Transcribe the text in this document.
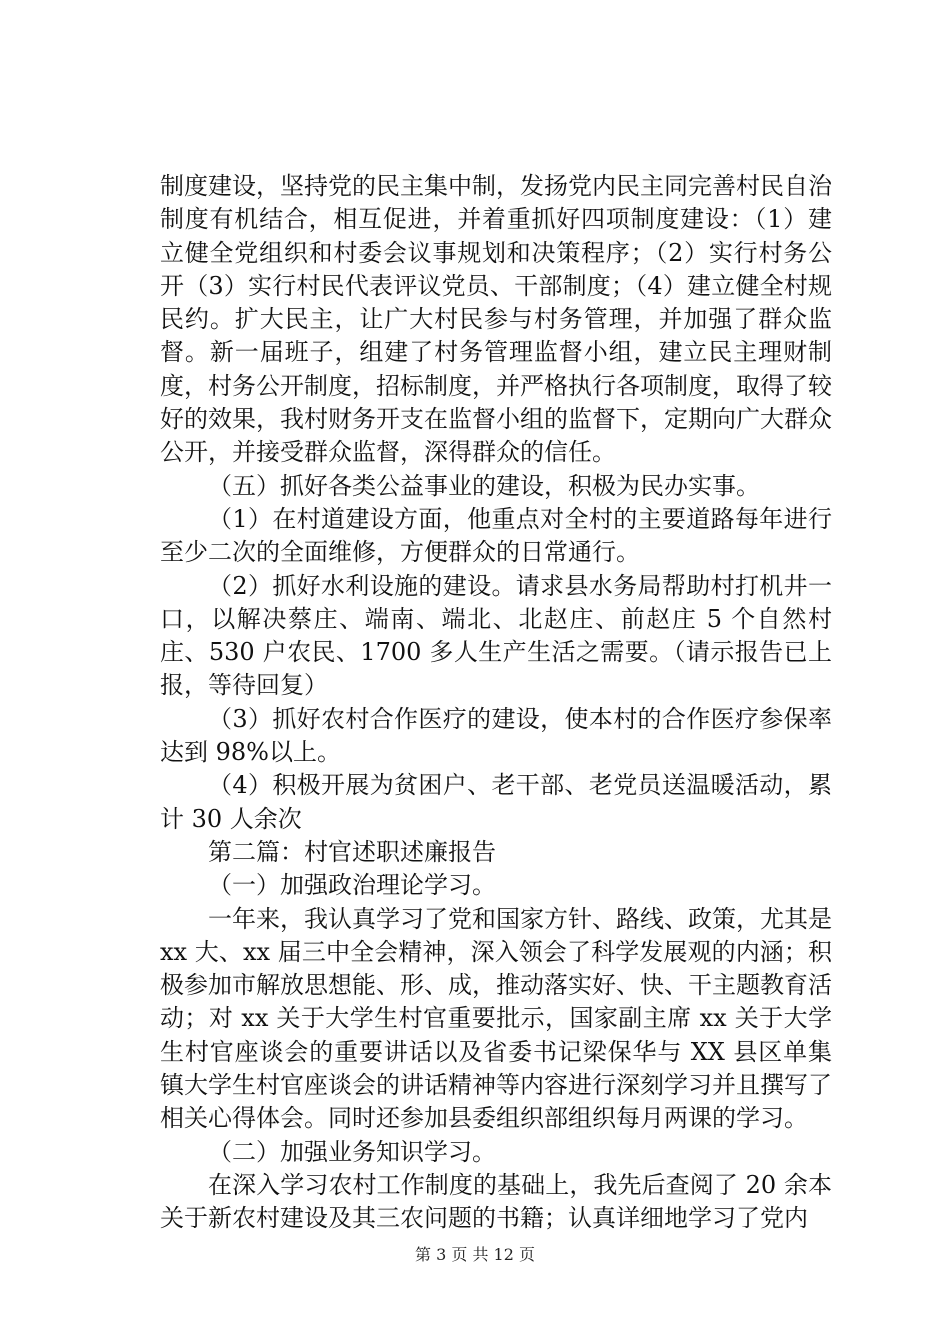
制度建设，坚持党的民主集中制，发扬党内民主同完善村民自治制度有机结合，相互促进，并着重抓好四项制度建设：（1）建立健全党组织和村委会议事规划和决策程序；（2）实行村务公开（3）实行村民代表评议党员、干部制度；（4）建立健全村规民约。扩大民主，让广大村民参与村务管理，并加强了群众监督。新一届班子，组建了村务管理监督小组，建立民主理财制度，村务公开制度，招标制度，并严格执行各项制度，取得了较好的效果，我村财务开支在监督小组的监督下，定期向广大群众公开，并接受群众监督，深得群众的信任。

（五）抓好各类公益事业的建设，积极为民办实事。

（1）在村道建设方面，他重点对全村的主要道路每年进行至少二次的全面维修，方便群众的日常通行。

（2）抓好水利设施的建设。请求县水务局帮助村打机井一口，以解决蔡庄、端南、端北、北赵庄、前赵庄 5 个自然村庄、530 户农民、1700 多人生产生活之需要。（请示报告已上报，等待回复）

（3）抓好农村合作医疗的建设，使本村的合作医疗参保率达到 98%以上。

（4）积极开展为贫困户、老干部、老党员送温暖活动，累计 30 人余次

第二篇：村官述职述廉报告

（一）加强政治理论学习。

一年来，我认真学习了党和国家方针、路线、政策，尤其是 xx 大、xx 届三中全会精神，深入领会了科学发展观的内涵；积极参加市解放思想能、形、成，推动落实好、快、干主题教育活动；对 xx 关于大学生村官重要批示，国家副主席 xx 关于大学生村官座谈会的重要讲话以及省委书记梁保华与 XX 县区单集镇大学生村官座谈会的讲话精神等内容进行深刻学习并且撰写了相关心得体会。同时还参加县委组织部组织每月两课的学习。

（二）加强业务知识学习。

在深入学习农村工作制度的基础上，我先后查阅了 20 余本关于新农村建设及其三农问题的书籍；认真详细地学习了党内

第 3 页 共 12 页
